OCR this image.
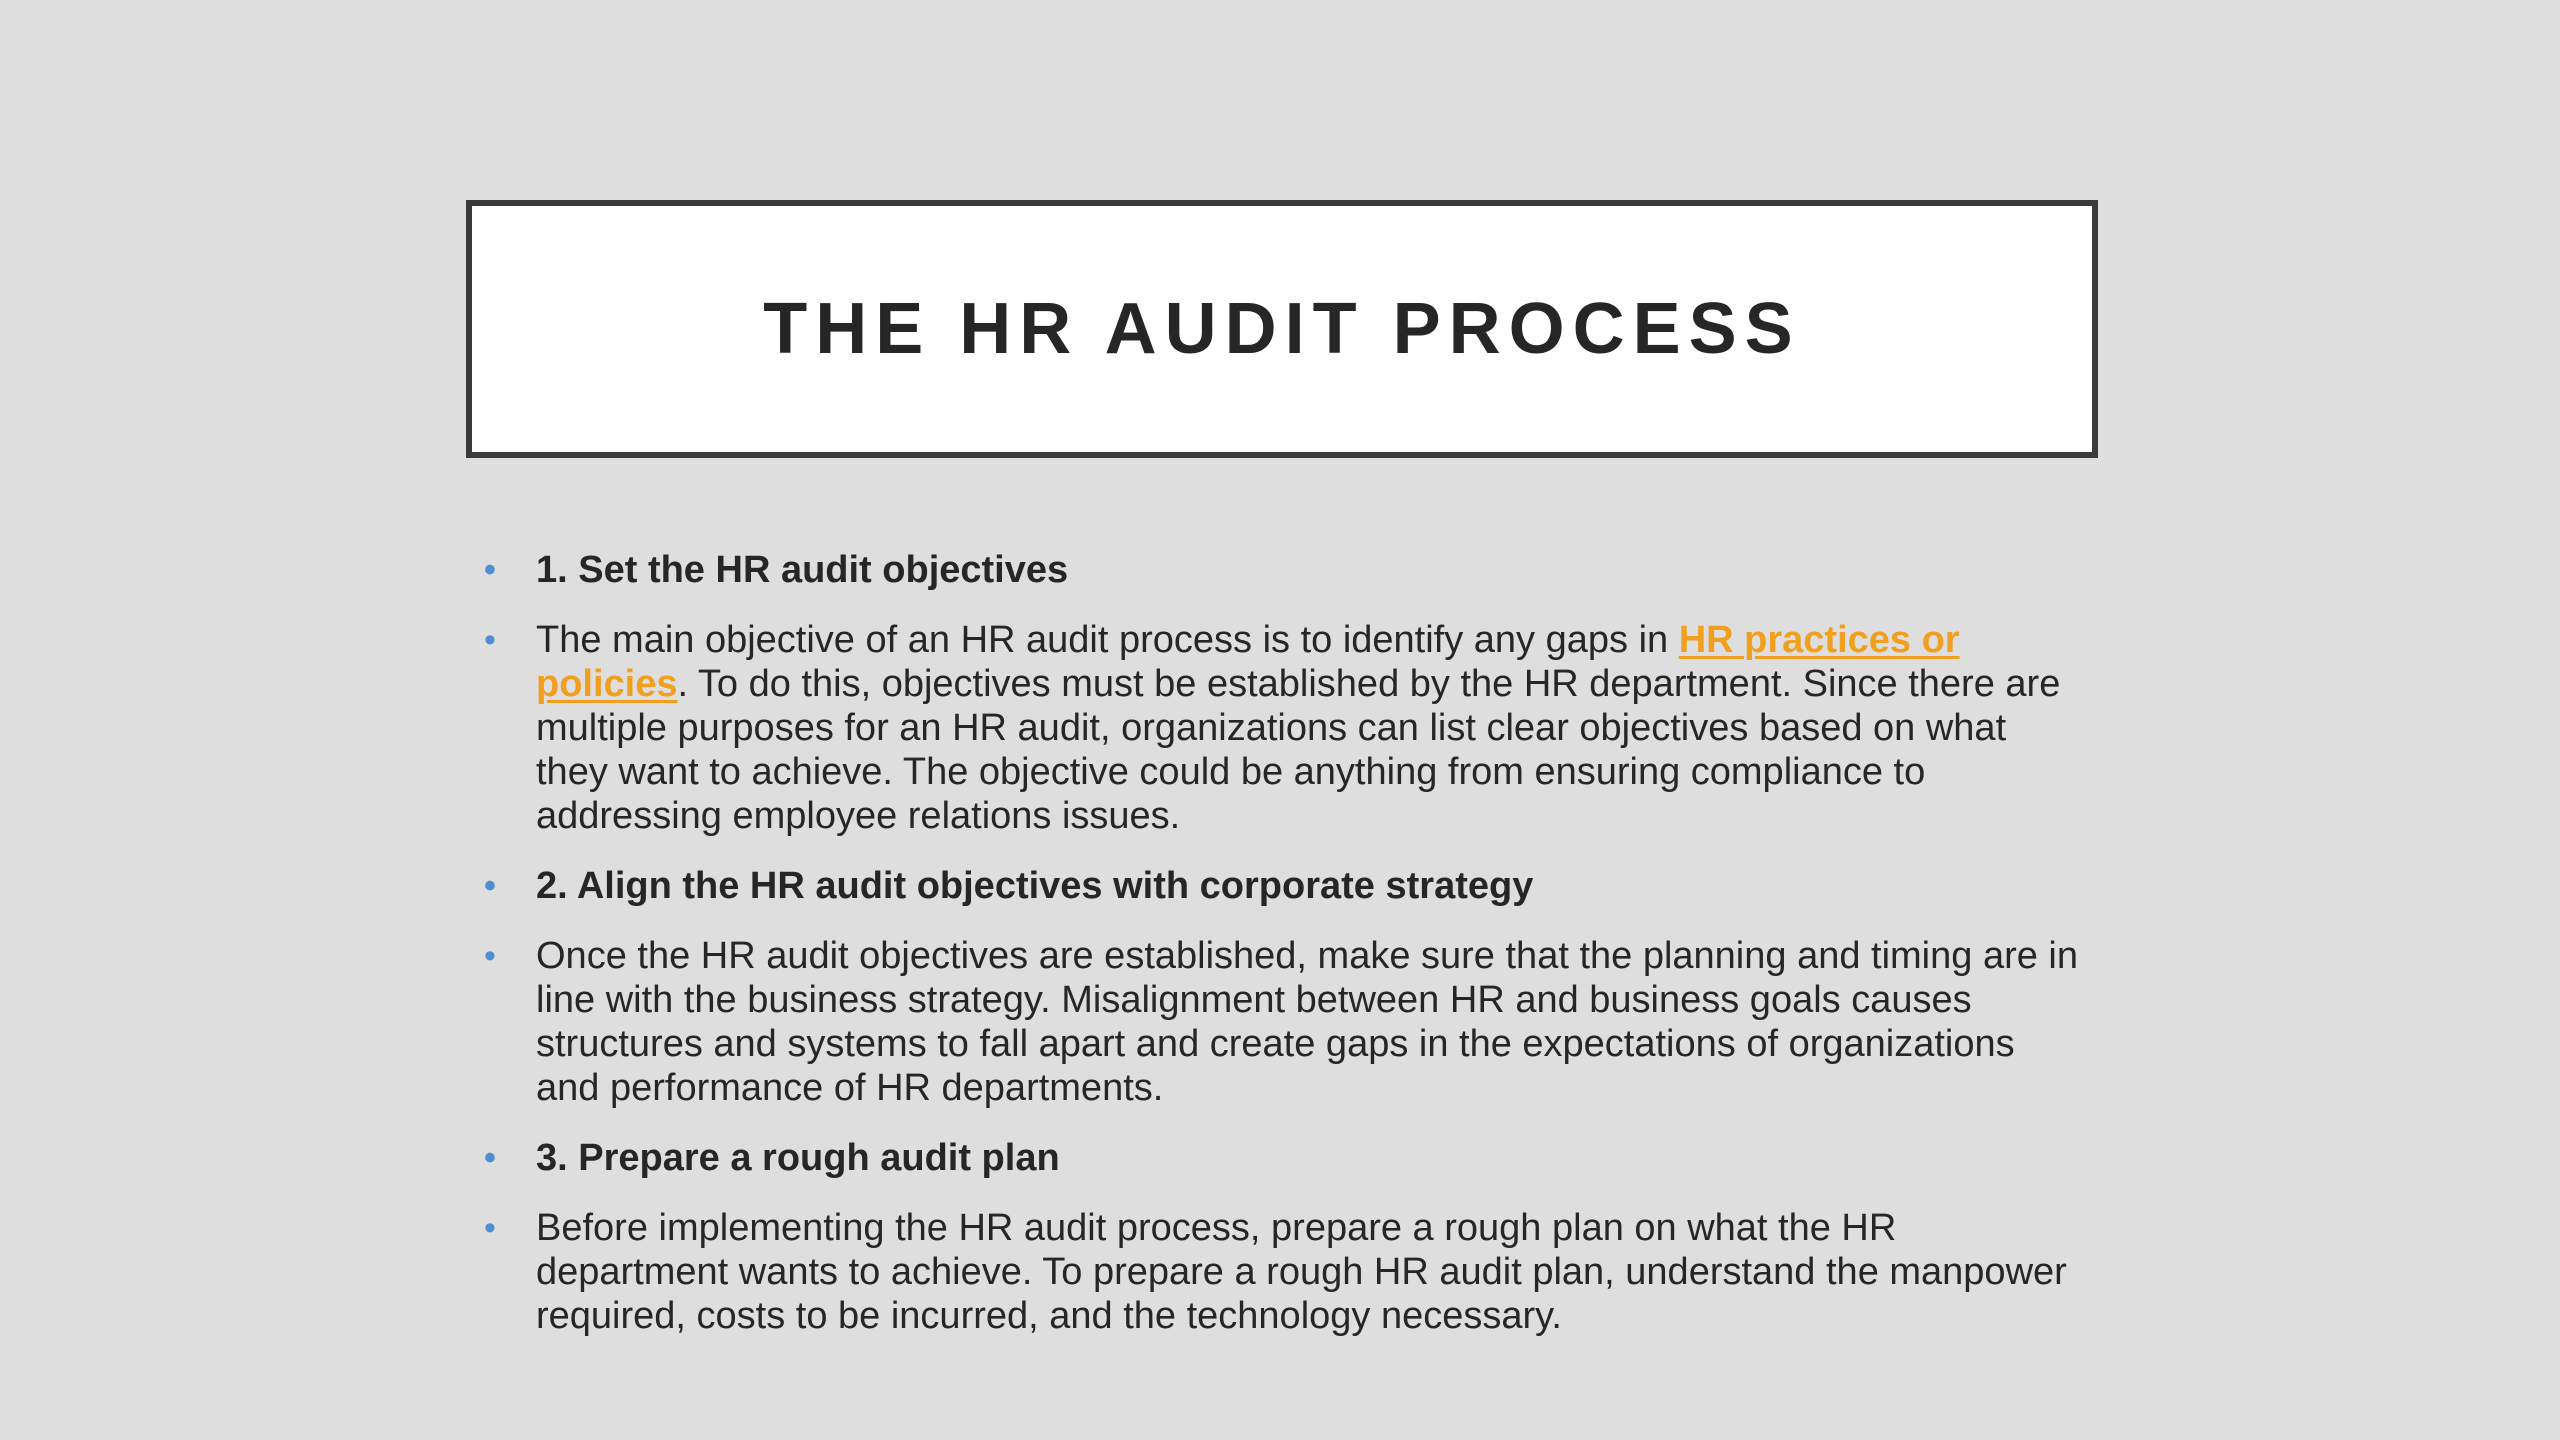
THE HR AUDIT PROCESS
• 1. Set the HR audit objectives
• The main objective of an HR audit process is to identify any gaps in HR practices or policies. To do this, objectives must be established by the HR department. Since there are multiple purposes for an HR audit, organizations can list clear objectives based on what they want to achieve. The objective could be anything from ensuring compliance to addressing employee relations issues.
• 2. Align the HR audit objectives with corporate strategy
• Once the HR audit objectives are established, make sure that the planning and timing are in line with the business strategy. Misalignment between HR and business goals causes structures and systems to fall apart and create gaps in the expectations of organizations and performance of HR departments.
• 3. Prepare a rough audit plan
• Before implementing the HR audit process, prepare a rough plan on what the HR department wants to achieve. To prepare a rough HR audit plan, understand the manpower required, costs to be incurred, and the technology necessary.
